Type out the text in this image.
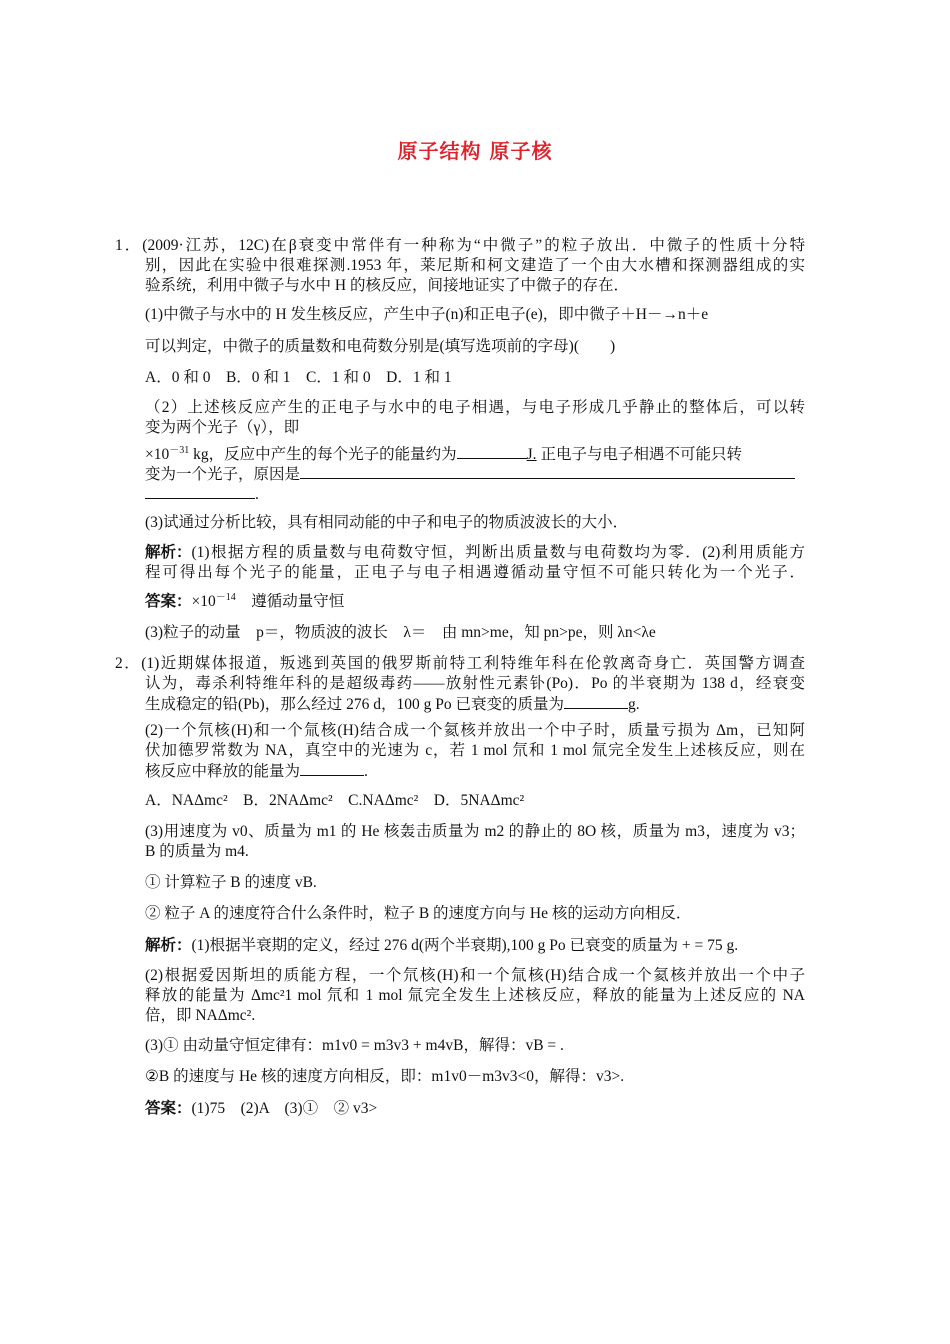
原子结构 原子核
1．(2009·江苏，12C)在β衰变中常伴有一种称为“中微子”的粒子放出．中微子的性质十分特
别，因此在实验中很难探测.1953 年，莱尼斯和柯文建造了一个由大水槽和探测器组成的实
验系统，利用中微子与水中 H 的核反应，间接地证实了中微子的存在．
(1)中微子与水中的 H 发生核反应，产生中子(n)和正电子(e)，即中微子＋H－→n＋e
可以判定，中微子的质量数和电荷数分别是(填写选项前的字母)(　　)
A．0 和 0　B．0 和 1　C．1 和 0　D．1 和 1
（2）上述核反应产生的正电子与水中的电子相遇，与电子形成几乎静止的整体后，可以转
变为两个光子（γ），即
$\times 10^{-31}$ kg，反应中产生的每个光子的能量约为	J. 正电子与电子相遇不可能只转
变为一个光子，原因是
.
(3)试通过分析比较，具有相同动能的中子和电子的物质波波长的大小．
解析： (1)根据方程的质量数与电荷数守恒，判断出质量数与电荷数均为零．(2)利用质能方
程可得出每个光子的能量，正电子与电子相遇遵循动量守恒不可能只转化为一个光子．
答案：$\times 10^{-14}$　遵循动量守恒
(3)粒子的动量　p＝，物质波的波长　λ＝　由 mn>me，知 pn>pe，则 λn<λe
2．(1)近期媒体报道，叛逃到英国的俄罗斯前特工利特维年科在伦敦离奇身亡．英国警方调查
认为，毒杀利特维年科的是超级毒药——放射性元素钋(Po)．Po 的半衰期为 138 d，经衰变
生成稳定的铅(Pb)，那么经过 276 d，100 g Po 已衰变的质量为	g.
(2)一个氘核(H)和一个氚核(H)结合成一个氦核并放出一个中子时，质量亏损为 Δm，已知阿
伏加德罗常数为 NA，真空中的光速为 c，若 1 mol 氘和 1 mol 氚完全发生上述核反应，则在
核反应中释放的能量为	.
A．NAΔmc²　B．2NAΔmc²　C.NAΔmc²　D．5NAΔmc²
(3)用速度为 v0、质量为 m1 的 He 核轰击质量为 m2 的静止的 8O 核，质量为 m3，速度为 v3；
B 的质量为 m4.
① 计算粒子 B 的速度 vB.
② 粒子 A 的速度符合什么条件时，粒子 B 的速度方向与 He 核的运动方向相反．
解析：(1)根据半衰期的定义，经过 276 d(两个半衰期),100 g Po 已衰变的质量为 + = 75 g.
(2)根据爱因斯坦的质能方程，一个氘核(H)和一个氚核(H)结合成一个氦核并放出一个中子
释放的能量为 Δmc²1 mol 氘和 1 mol 氚完全发生上述核反应，释放的能量为上述反应的 NA
倍，即 NAΔmc².
(3)① 由动量守恒定律有：m1v0 = m3v3 + m4vB，解得：vB = .
②B 的速度与 He 核的速度方向相反，即：m1v0－m3v3<0，解得：v3>.
答案：(1)75　(2)A　(3)①　② v3>
